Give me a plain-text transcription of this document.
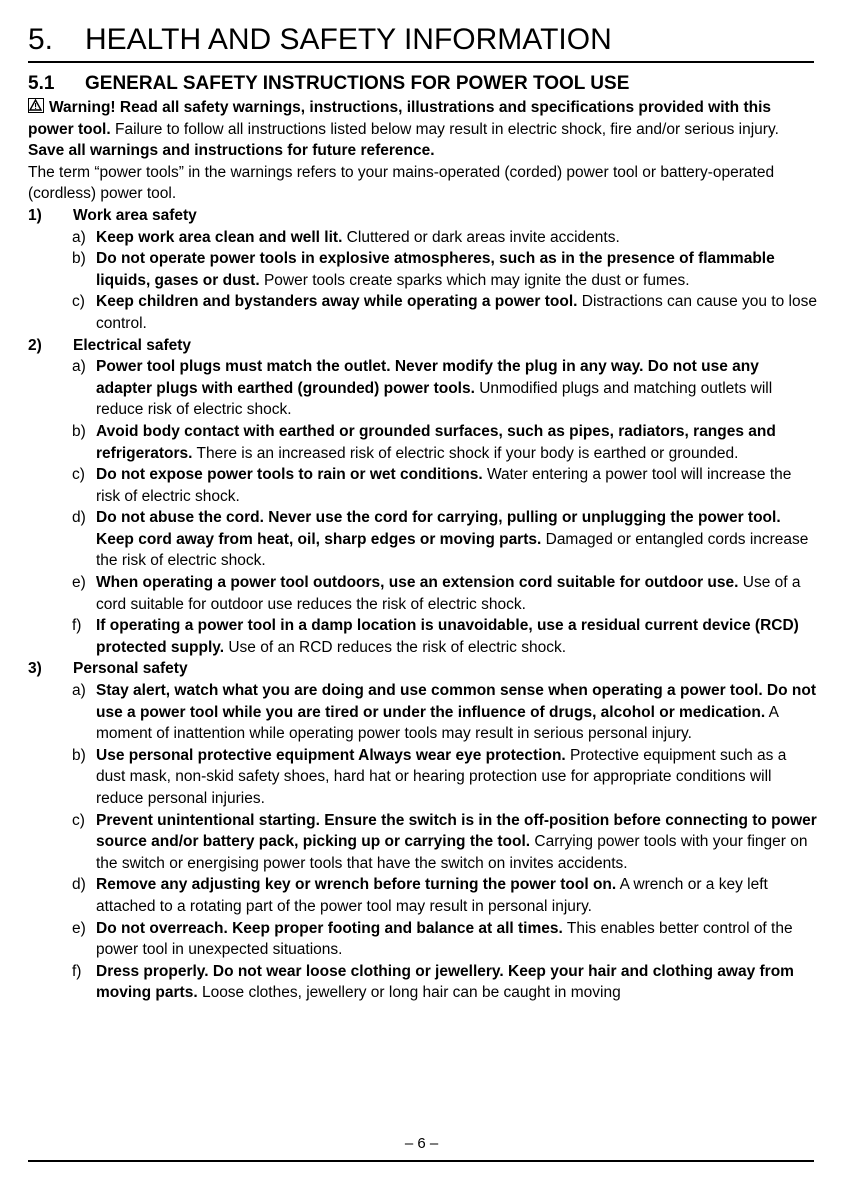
5. HEALTH AND SAFETY INFORMATION
5.1 GENERAL SAFETY INSTRUCTIONS FOR POWER TOOL USE

Warning! Read all safety warnings, instructions, illustrations and specifications provided with this power tool. Failure to follow all instructions listed below may result in electric shock, fire and/or serious injury.

Save all warnings and instructions for future reference.

The term “power tools” in the warnings refers to your mains-operated (corded) power tool or battery-operated (cordless) power tool.

1) Work area safety
a) Keep work area clean and well lit. Cluttered or dark areas invite accidents.
b) Do not operate power tools in explosive atmospheres, such as in the presence of flammable liquids, gases or dust. Power tools create sparks which may ignite the dust or fumes.
c) Keep children and bystanders away while operating a power tool. Distractions can cause you to lose control.
2) Electrical safety
a) Power tool plugs must match the outlet. Never modify the plug in any way. Do not use any adapter plugs with earthed (grounded) power tools. Unmodified plugs and matching outlets will reduce risk of electric shock.
b) Avoid body contact with earthed or grounded surfaces, such as pipes, radiators, ranges and refrigerators. There is an increased risk of electric shock if your body is earthed or grounded.
c) Do not expose power tools to rain or wet conditions. Water entering a power tool will increase the risk of electric shock.
d) Do not abuse the cord. Never use the cord for carrying, pulling or unplugging the power tool. Keep cord away from heat, oil, sharp edges or moving parts. Damaged or entangled cords increase the risk of electric shock.
e) When operating a power tool outdoors, use an extension cord suitable for outdoor use. Use of a cord suitable for outdoor use reduces the risk of electric shock.
f) If operating a power tool in a damp location is unavoidable, use a residual current device (RCD) protected supply. Use of an RCD reduces the risk of electric shock.
3) Personal safety
a) Stay alert, watch what you are doing and use common sense when operating a power tool. Do not use a power tool while you are tired or under the influence of drugs, alcohol or medication. A moment of inattention while operating power tools may result in serious personal injury.
b) Use personal protective equipment Always wear eye protection. Protective equipment such as a dust mask, non-skid safety shoes, hard hat or hearing protection use for appropriate conditions will reduce personal injuries.
c) Prevent unintentional starting. Ensure the switch is in the off-position before connecting to power source and/or battery pack, picking up or carrying the tool. Carrying power tools with your finger on the switch or energising power tools that have the switch on invites accidents.
d) Remove any adjusting key or wrench before turning the power tool on. A wrench or a key left attached to a rotating part of the power tool may result in personal injury.
e) Do not overreach. Keep proper footing and balance at all times. This enables better control of the power tool in unexpected situations.
f) Dress properly. Do not wear loose clothing or jewellery. Keep your hair and clothing away from moving parts. Loose clothes, jewellery or long hair can be caught in moving
– 6 –
